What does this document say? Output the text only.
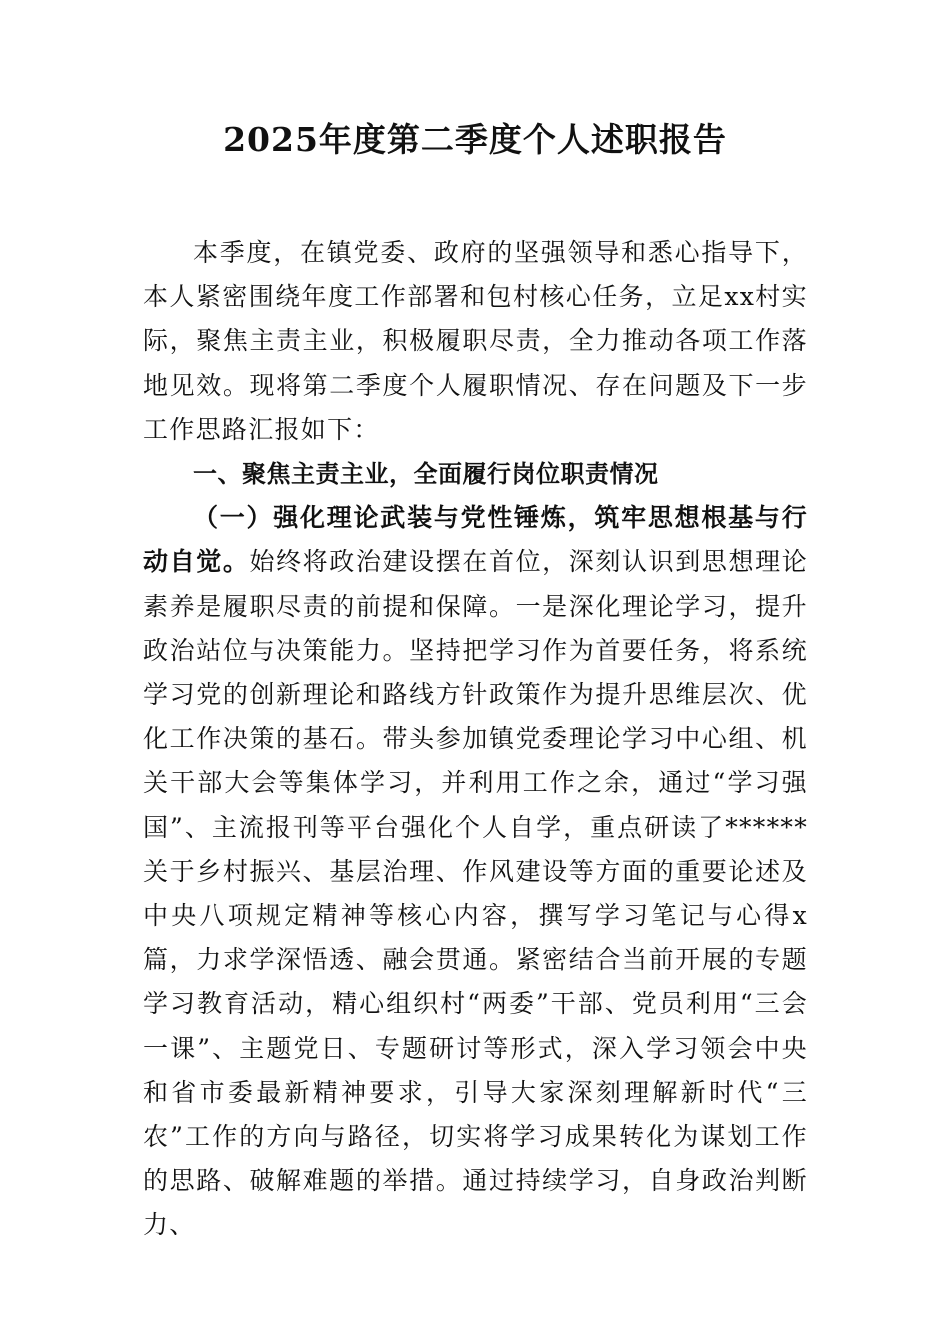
2025年度第二季度个人述职报告

本季度，在镇党委、政府的坚强领导和悉心指导下，本人紧密围绕年度工作部署和包村核心任务，立足xx村实际，聚焦主责主业，积极履职尽责，全力推动各项工作落地见效。现将第二季度个人履职情况、存在问题及下一步工作思路汇报如下：

一、聚焦主责主业，全面履行岗位职责情况

（一）强化理论武装与党性锤炼，筑牢思想根基与行动自觉。始终将政治建设摆在首位，深刻认识到思想理论素养是履职尽责的前提和保障。一是深化理论学习，提升政治站位与决策能力。坚持把学习作为首要任务，将系统学习党的创新理论和路线方针政策作为提升思维层次、优化工作决策的基石。带头参加镇党委理论学习中心组、机关干部大会等集体学习，并利用工作之余，通过“学习强国”、主流报刊等平台强化个人自学，重点研读了******关于乡村振兴、基层治理、作风建设等方面的重要论述及中央八项规定精神等核心内容，撰写学习笔记与心得x篇，力求学深悟透、融会贯通。紧密结合当前开展的专题学习教育活动，精心组织村“两委”干部、党员利用“三会一课”、主题党日、专题研讨等形式，深入学习领会中央和省市委最新精神要求，引导大家深刻理解新时代“三农”工作的方向与路径，切实将学习成果转化为谋划工作的思路、破解难题的举措。通过持续学习，自身政治判断力、
